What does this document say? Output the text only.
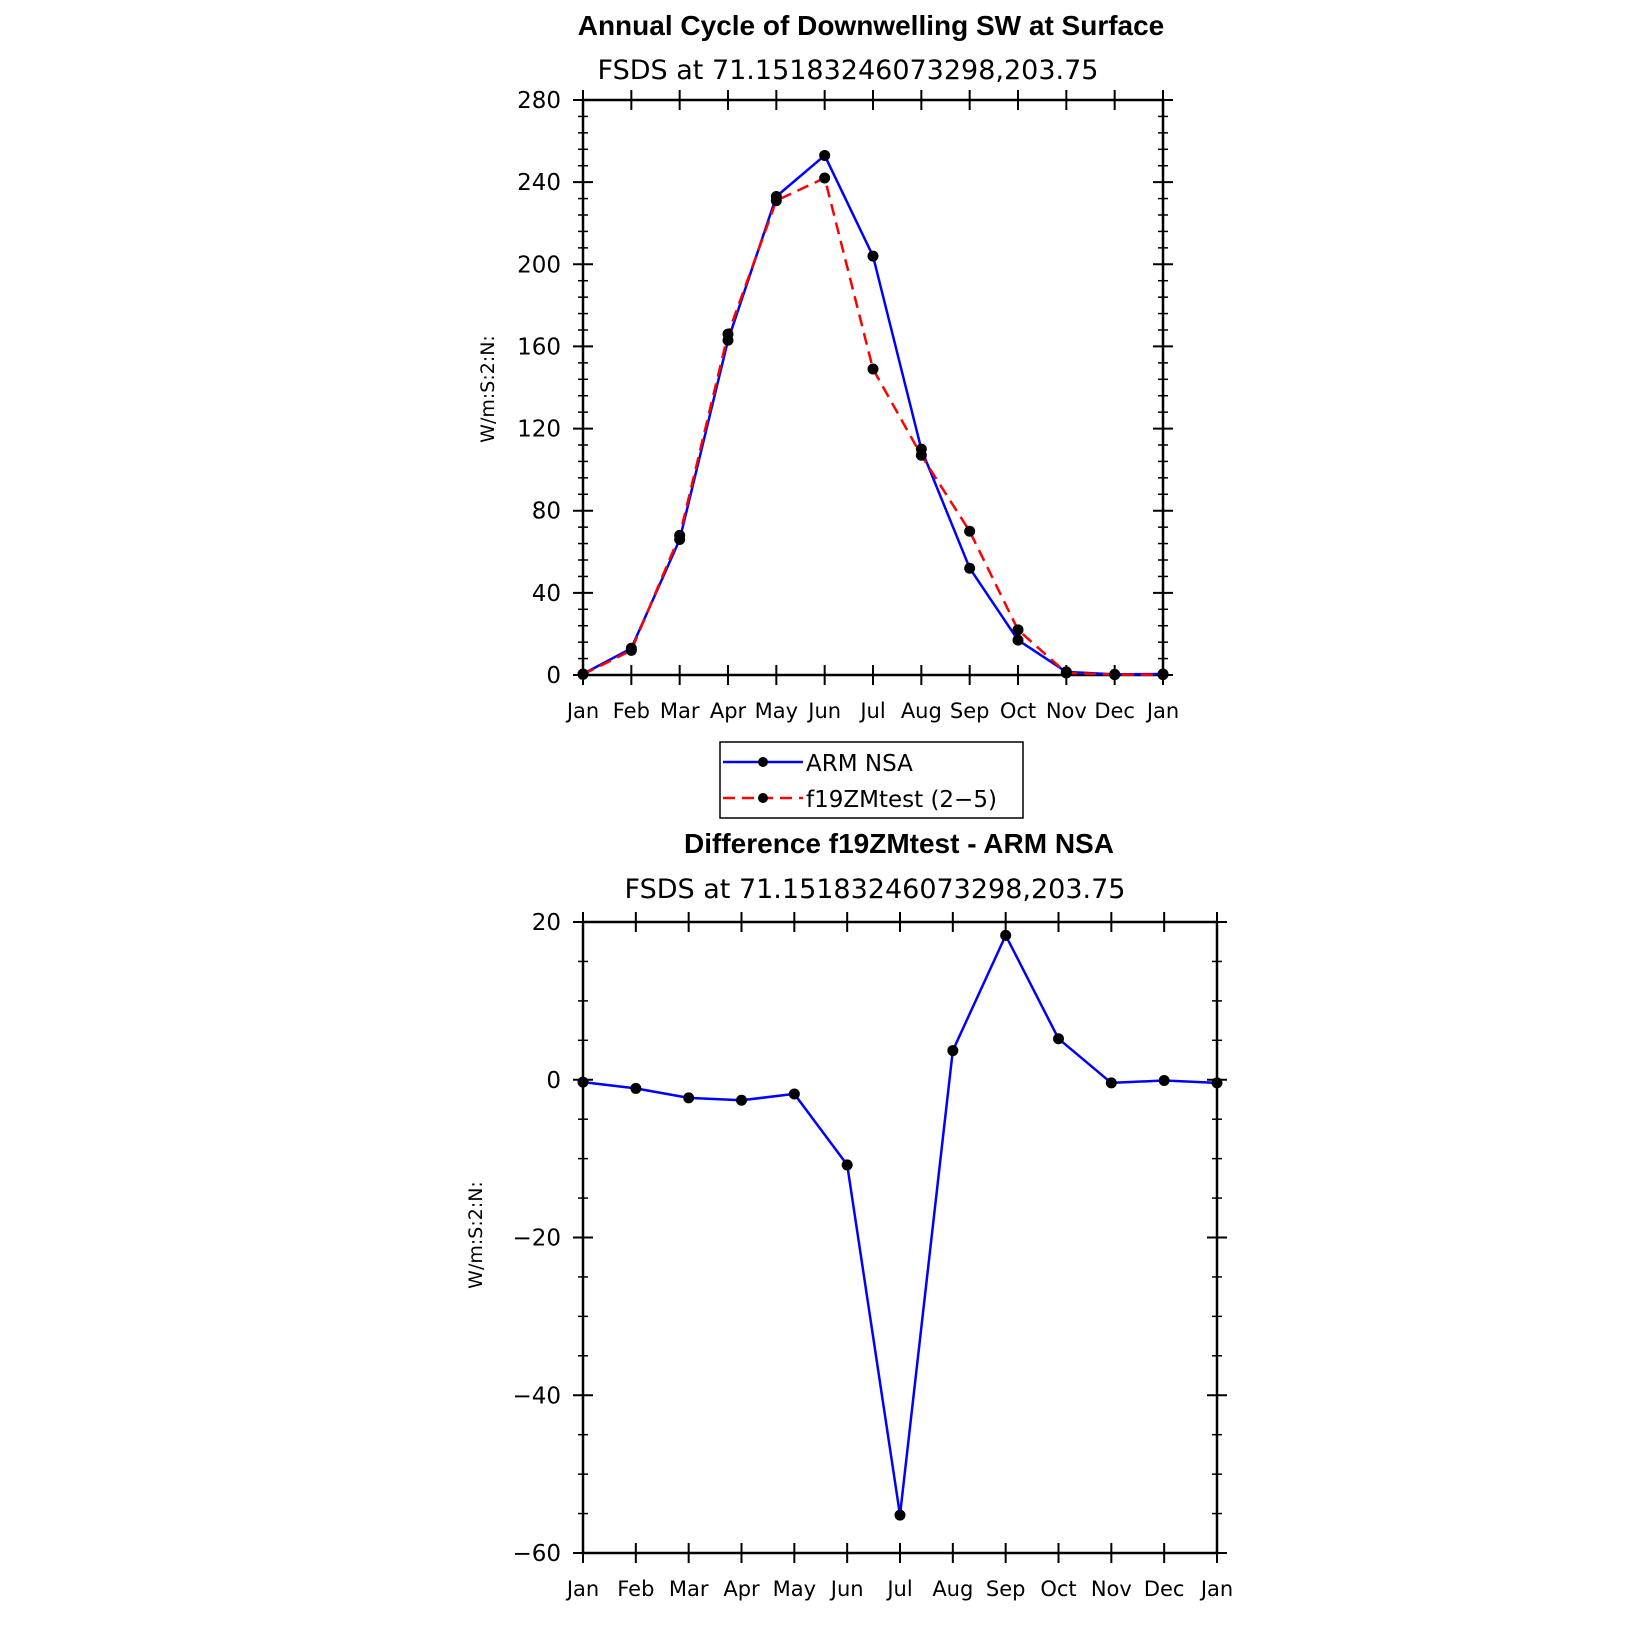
Annual Cycle of Downwelling SW at Surface
FSDS at 71.15183246073298,203.75
W/m:S:2:N:
0
40
80
120
160
200
240
280
Jan Feb Mar Apr May Jun Jul Aug Sep Oct Nov Dec Jan
ARM NSA
f19ZMtest (2−5)
Difference f19ZMtest - ARM NSA
FSDS at 71.15183246073298,203.75
W/m:S:2:N:
−60
−40
−20
0
20
Jan Feb Mar Apr May Jun Jul Aug Sep Oct Nov Dec Jan
